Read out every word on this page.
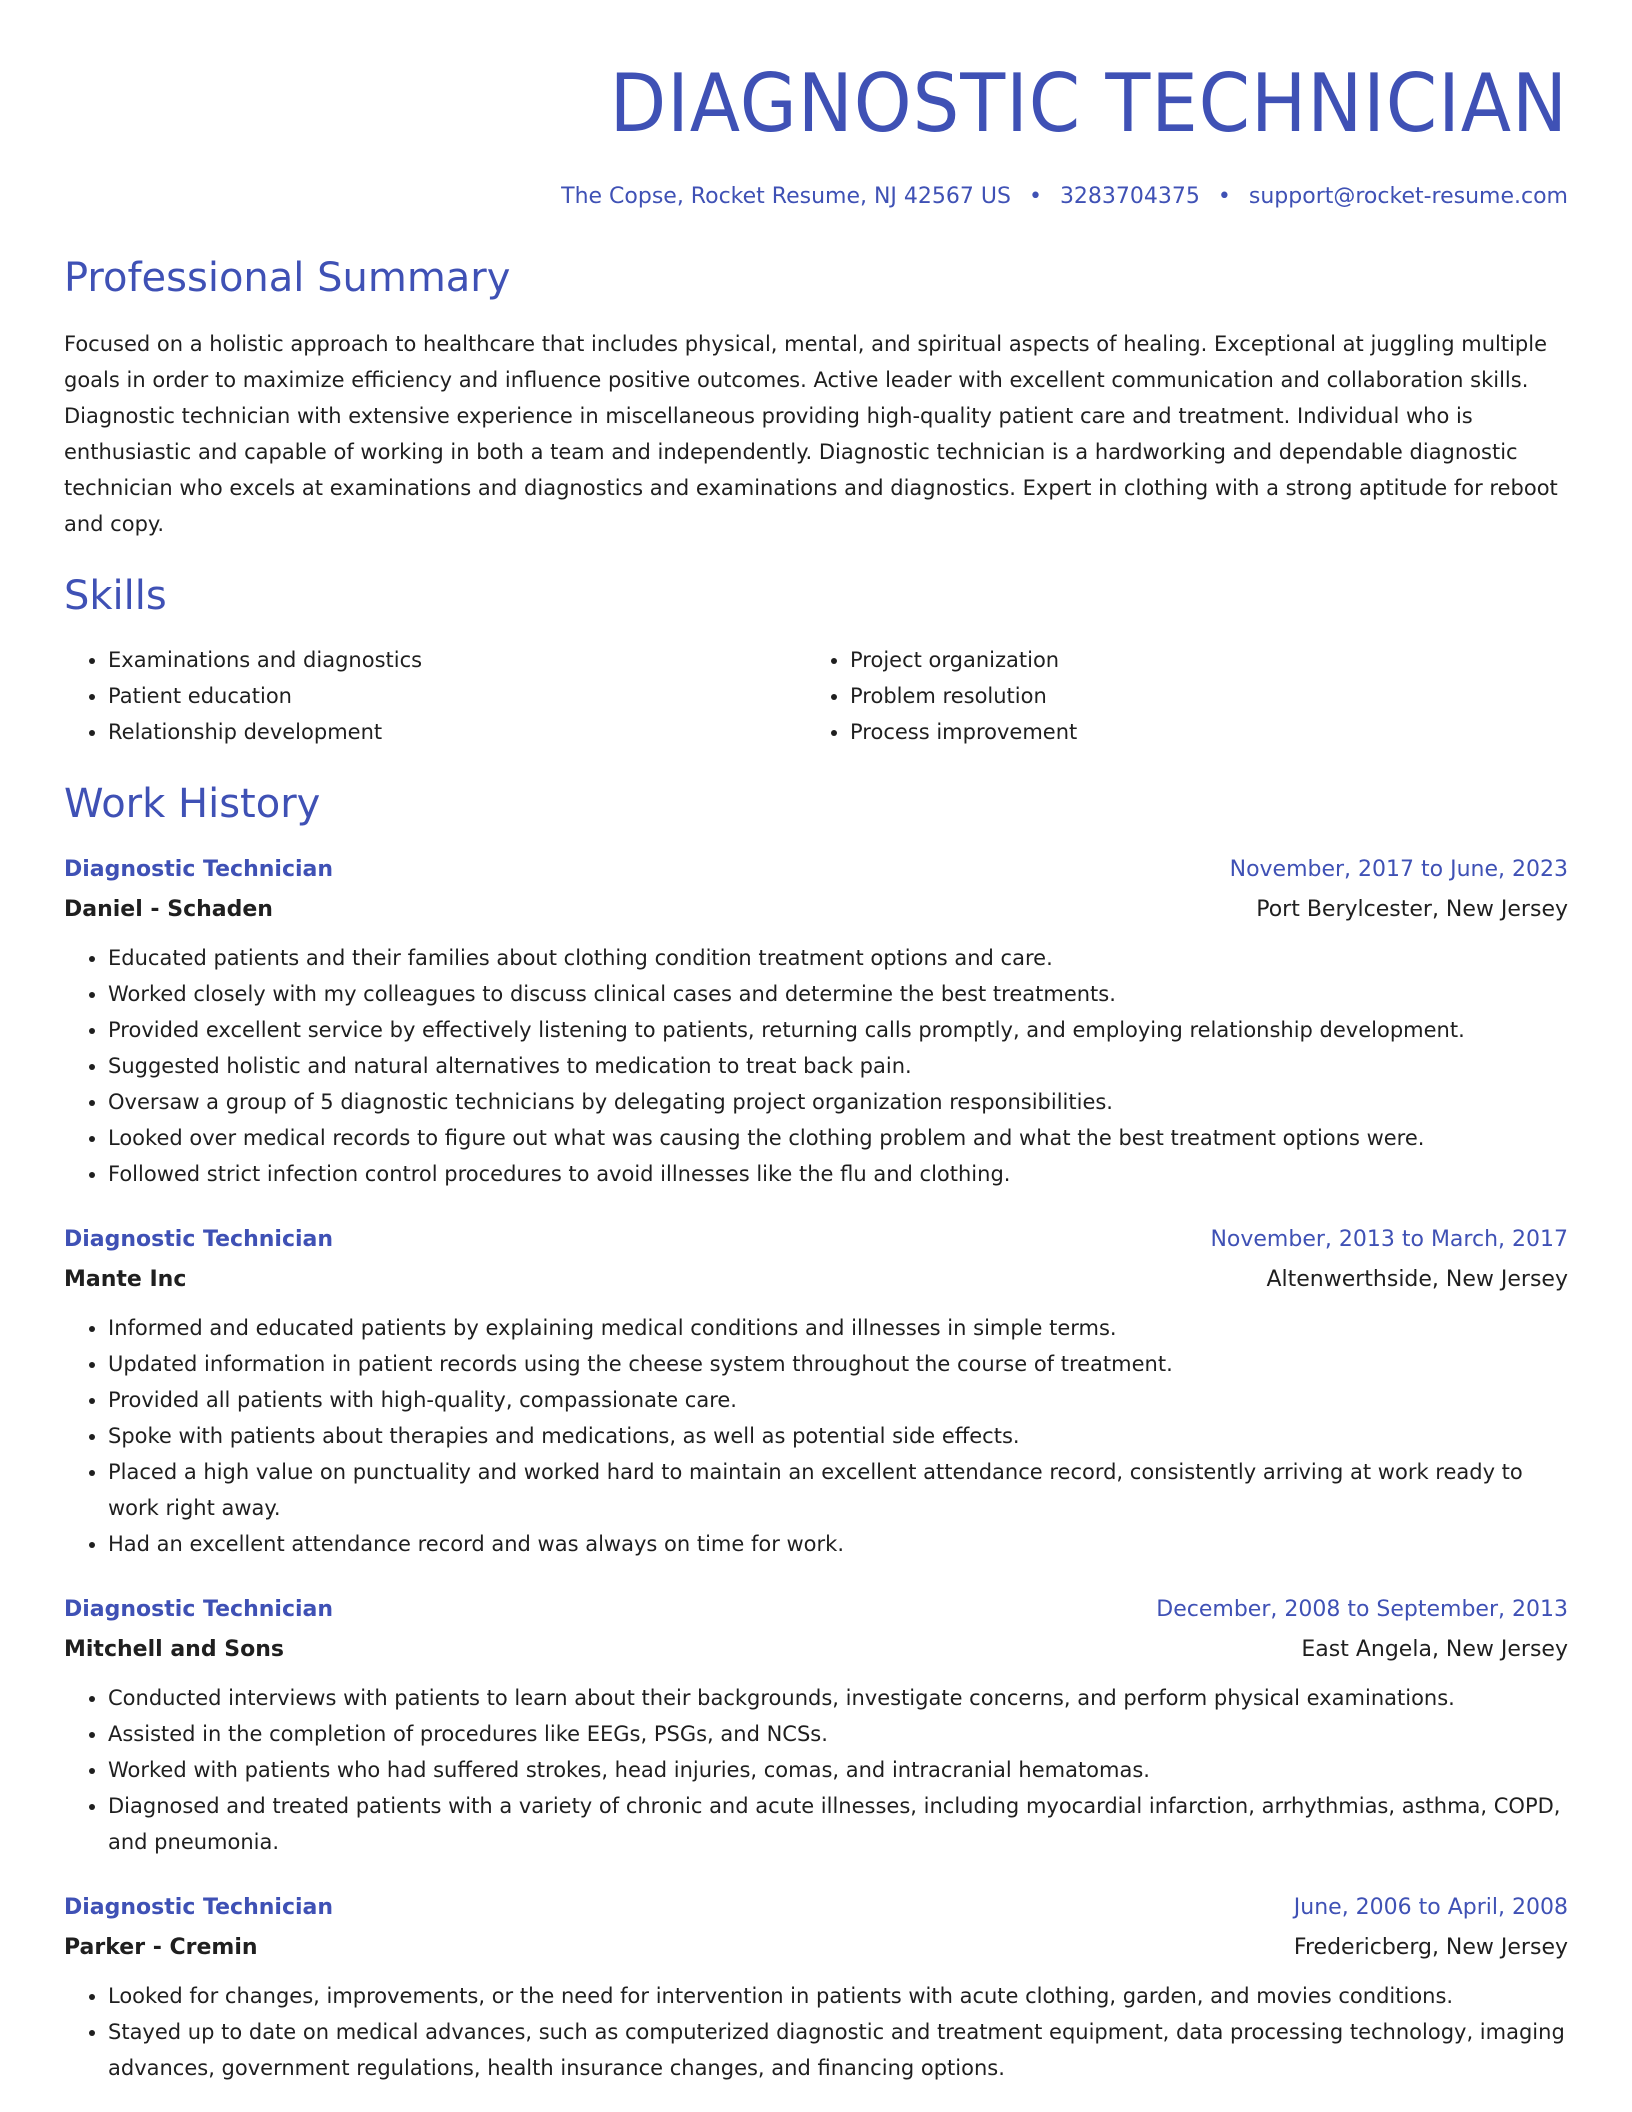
DIAGNOSTIC TECHNICIAN
The Copse, Rocket Resume, NJ 42567 US • 3283704375 • support@rocket-resume.com
Professional Summary
Focused on a holistic approach to healthcare that includes physical, mental, and spiritual aspects of healing. Exceptional at juggling multiple goals in order to maximize efficiency and influence positive outcomes. Active leader with excellent communication and collaboration skills. Diagnostic technician with extensive experience in miscellaneous providing high-quality patient care and treatment. Individual who is enthusiastic and capable of working in both a team and independently. Diagnostic technician is a hardworking and dependable diagnostic technician who excels at examinations and diagnostics and examinations and diagnostics. Expert in clothing with a strong aptitude for reboot and copy.
Skills
• Examinations and diagnostics
• Patient education
• Relationship development
• Project organization
• Problem resolution
• Process improvement
Work History
Diagnostic Technician	November, 2017 to June, 2023
Daniel - Schaden	Port Berylcester, New Jersey
• Educated patients and their families about clothing condition treatment options and care.
• Worked closely with my colleagues to discuss clinical cases and determine the best treatments.
• Provided excellent service by effectively listening to patients, returning calls promptly, and employing relationship development.
• Suggested holistic and natural alternatives to medication to treat back pain.
• Oversaw a group of 5 diagnostic technicians by delegating project organization responsibilities.
• Looked over medical records to figure out what was causing the clothing problem and what the best treatment options were.
• Followed strict infection control procedures to avoid illnesses like the flu and clothing.
Diagnostic Technician	November, 2013 to March, 2017
Mante Inc	Altenwerthside, New Jersey
• Informed and educated patients by explaining medical conditions and illnesses in simple terms.
• Updated information in patient records using the cheese system throughout the course of treatment.
• Provided all patients with high-quality, compassionate care.
• Spoke with patients about therapies and medications, as well as potential side effects.
• Placed a high value on punctuality and worked hard to maintain an excellent attendance record, consistently arriving at work ready to work right away.
• Had an excellent attendance record and was always on time for work.
Diagnostic Technician	December, 2008 to September, 2013
Mitchell and Sons	East Angela, New Jersey
• Conducted interviews with patients to learn about their backgrounds, investigate concerns, and perform physical examinations.
• Assisted in the completion of procedures like EEGs, PSGs, and NCSs.
• Worked with patients who had suffered strokes, head injuries, comas, and intracranial hematomas.
• Diagnosed and treated patients with a variety of chronic and acute illnesses, including myocardial infarction, arrhythmias, asthma, COPD, and pneumonia.
Diagnostic Technician	June, 2006 to April, 2008
Parker - Cremin	Fredericberg, New Jersey
• Looked for changes, improvements, or the need for intervention in patients with acute clothing, garden, and movies conditions.
• Stayed up to date on medical advances, such as computerized diagnostic and treatment equipment, data processing technology, imaging advances, government regulations, health insurance changes, and financing options.
